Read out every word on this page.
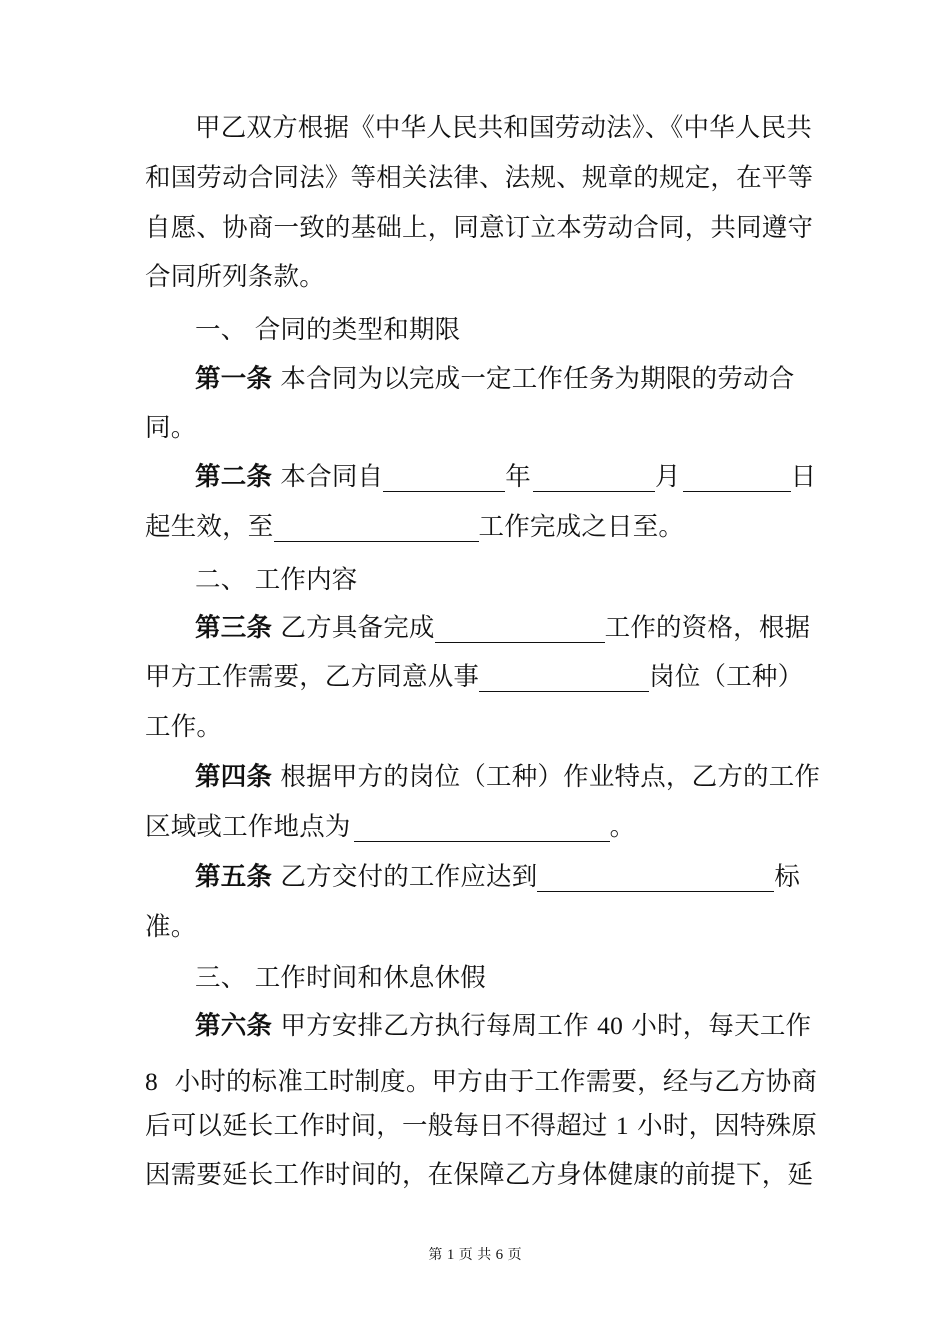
甲乙双方根据《中华人民共和国劳动法》、《中华人民共
和国劳动合同法》等相关法律、法规、规章的规定，在平等
自愿、协商一致的基础上，同意订立本劳动合同，共同遵守
合同所列条款。
一、 合同的类型和期限
第一条 本合同为以完成一定工作任务为期限的劳动合
同。
第二条 本合同自	年	月	日
起生效，至	工作完成之日至。
二、 工作内容
第三条 乙方具备完成	工作的资格，根据
甲方工作需要，乙方同意从事	岗位（工种）
工作。
第四条 根据甲方的岗位（工种）作业特点，乙方的工作
区域或工作地点为	。
第五条 乙方交付的工作应达到	标
准。
三、 工作时间和休息休假
第六条 甲方安排乙方执行每周工作 40 小时，每天工作
8  小时的标准工时制度。甲方由于工作需要，经与乙方协商
后可以延长工作时间，一般每日不得超过 1 小时，因特殊原
因需要延长工作时间的，在保障乙方身体健康的前提下，延
第 1 页 共 6 页
